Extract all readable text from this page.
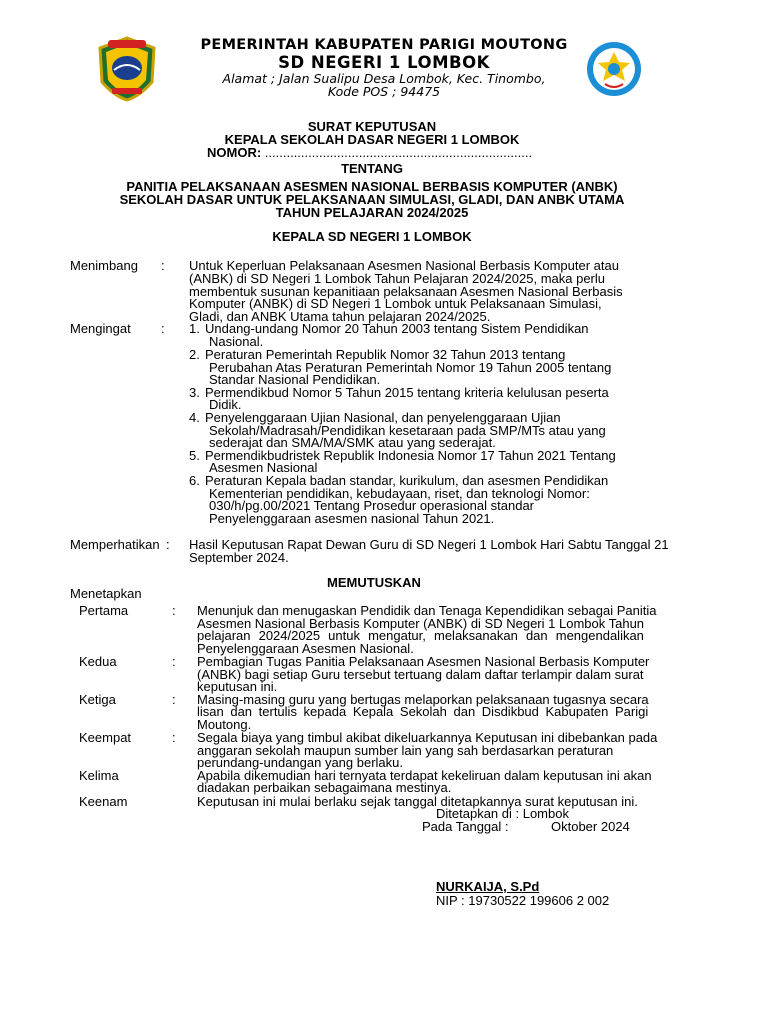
PEMERINTAH KABUPATEN PARIGI MOUTONG
SD NEGERI 1 LOMBOK
Alamat ; Jalan Sualipu Desa Lombok, Kec. Tinombo,
Kode POS ; 94475
SURAT KEPUTUSAN
KEPALA SEKOLAH DASAR NEGERI 1 LOMBOK
NOMOR: ..........................................................................
TENTANG
PANITIA PELAKSANAAN ASESMEN NASIONAL BERBASIS KOMPUTER (ANBK)
SEKOLAH DASAR UNTUK PELAKSANAAN SIMULASI, GLADI, DAN ANBK UTAMA
TAHUN PELAJARAN 2024/2025
KEPALA SD NEGERI 1 LOMBOK
Menimbang : Untuk Keperluan Pelaksanaan Asesmen Nasional Berbasis Komputer atau
(ANBK) di SD Negeri 1 Lombok Tahun Pelajaran 2024/2025, maka perlu
membentuk susunan kepanitiaan pelaksanaan Asesmen Nasional Berbasis
Komputer (ANBK) di SD Negeri 1 Lombok untuk Pelaksanaan Simulasi,
Gladi, dan ANBK Utama tahun pelajaran 2024/2025.
Mengingat : 1. Undang-undang Nomor 20 Tahun 2003 tentang Sistem Pendidikan
Nasional.
2. Peraturan Pemerintah Republik Nomor 32 Tahun 2013 tentang
Perubahan Atas Peraturan Pemerintah Nomor 19 Tahun 2005 tentang
Standar Nasional Pendidikan.
3. Permendikbud Nomor 5 Tahun 2015 tentang kriteria kelulusan peserta
Didik.
4. Penyelenggaraan Ujian Nasional, dan penyelenggaraan Ujian
Sekolah/Madrasah/Pendidikan kesetaraan pada SMP/MTs atau yang
sederajat dan SMA/MA/SMK atau yang sederajat.
5. Permendikbudristek Republik Indonesia Nomor 17 Tahun 2021 Tentang
Asesmen Nasional
6. Peraturan Kepala badan standar, kurikulum, dan asesmen Pendidikan
Kementerian pendidikan, kebudayaan, riset, dan teknologi Nomor:
030/h/pg.00/2021 Tentang Prosedur operasional standar
Penyelenggaraan asesmen nasional Tahun 2021.
Memperhatikan : Hasil Keputusan Rapat Dewan Guru di SD Negeri 1 Lombok Hari Sabtu Tanggal 21
September 2024.
MEMUTUSKAN
Menetapkan
Pertama	: Menunjuk dan menugaskan Pendidik dan Tenaga Kependidikan sebagai Panitia
Asesmen Nasional Berbasis Komputer (ANBK) di SD Negeri 1 Lombok Tahun
pelajaran 2024/2025 untuk mengatur, melaksanakan dan mengendalikan
Penyelenggaraan Asesmen Nasional.
Kedua	: Pembagian Tugas Panitia Pelaksanaan Asesmen Nasional Berbasis Komputer
(ANBK) bagi setiap Guru tersebut tertuang dalam daftar terlampir dalam surat
keputusan ini.
Ketiga	: Masing-masing guru yang bertugas melaporkan pelaksanaan tugasnya secara
lisan dan tertulis kepada Kepala Sekolah dan Disdikbud Kabupaten Parigi
Moutong.
Keempat	: Segala biaya yang timbul akibat dikeluarkannya Keputusan ini dibebankan pada
anggaran sekolah maupun sumber lain yang sah berdasarkan peraturan
perundang-undangan yang berlaku.
Kelima	Apabila dikemudian hari ternyata terdapat kekeliruan dalam keputusan ini akan
diadakan perbaikan sebagaimana mestinya.
Keenam	Keputusan ini mulai berlaku sejak tanggal ditetapkannya surat keputusan ini.
Ditetapkan di : Lombok
Pada Tanggal :	Oktober 2024
NURKAIJA, S.Pd
NIP : 19730522 199606 2 002
